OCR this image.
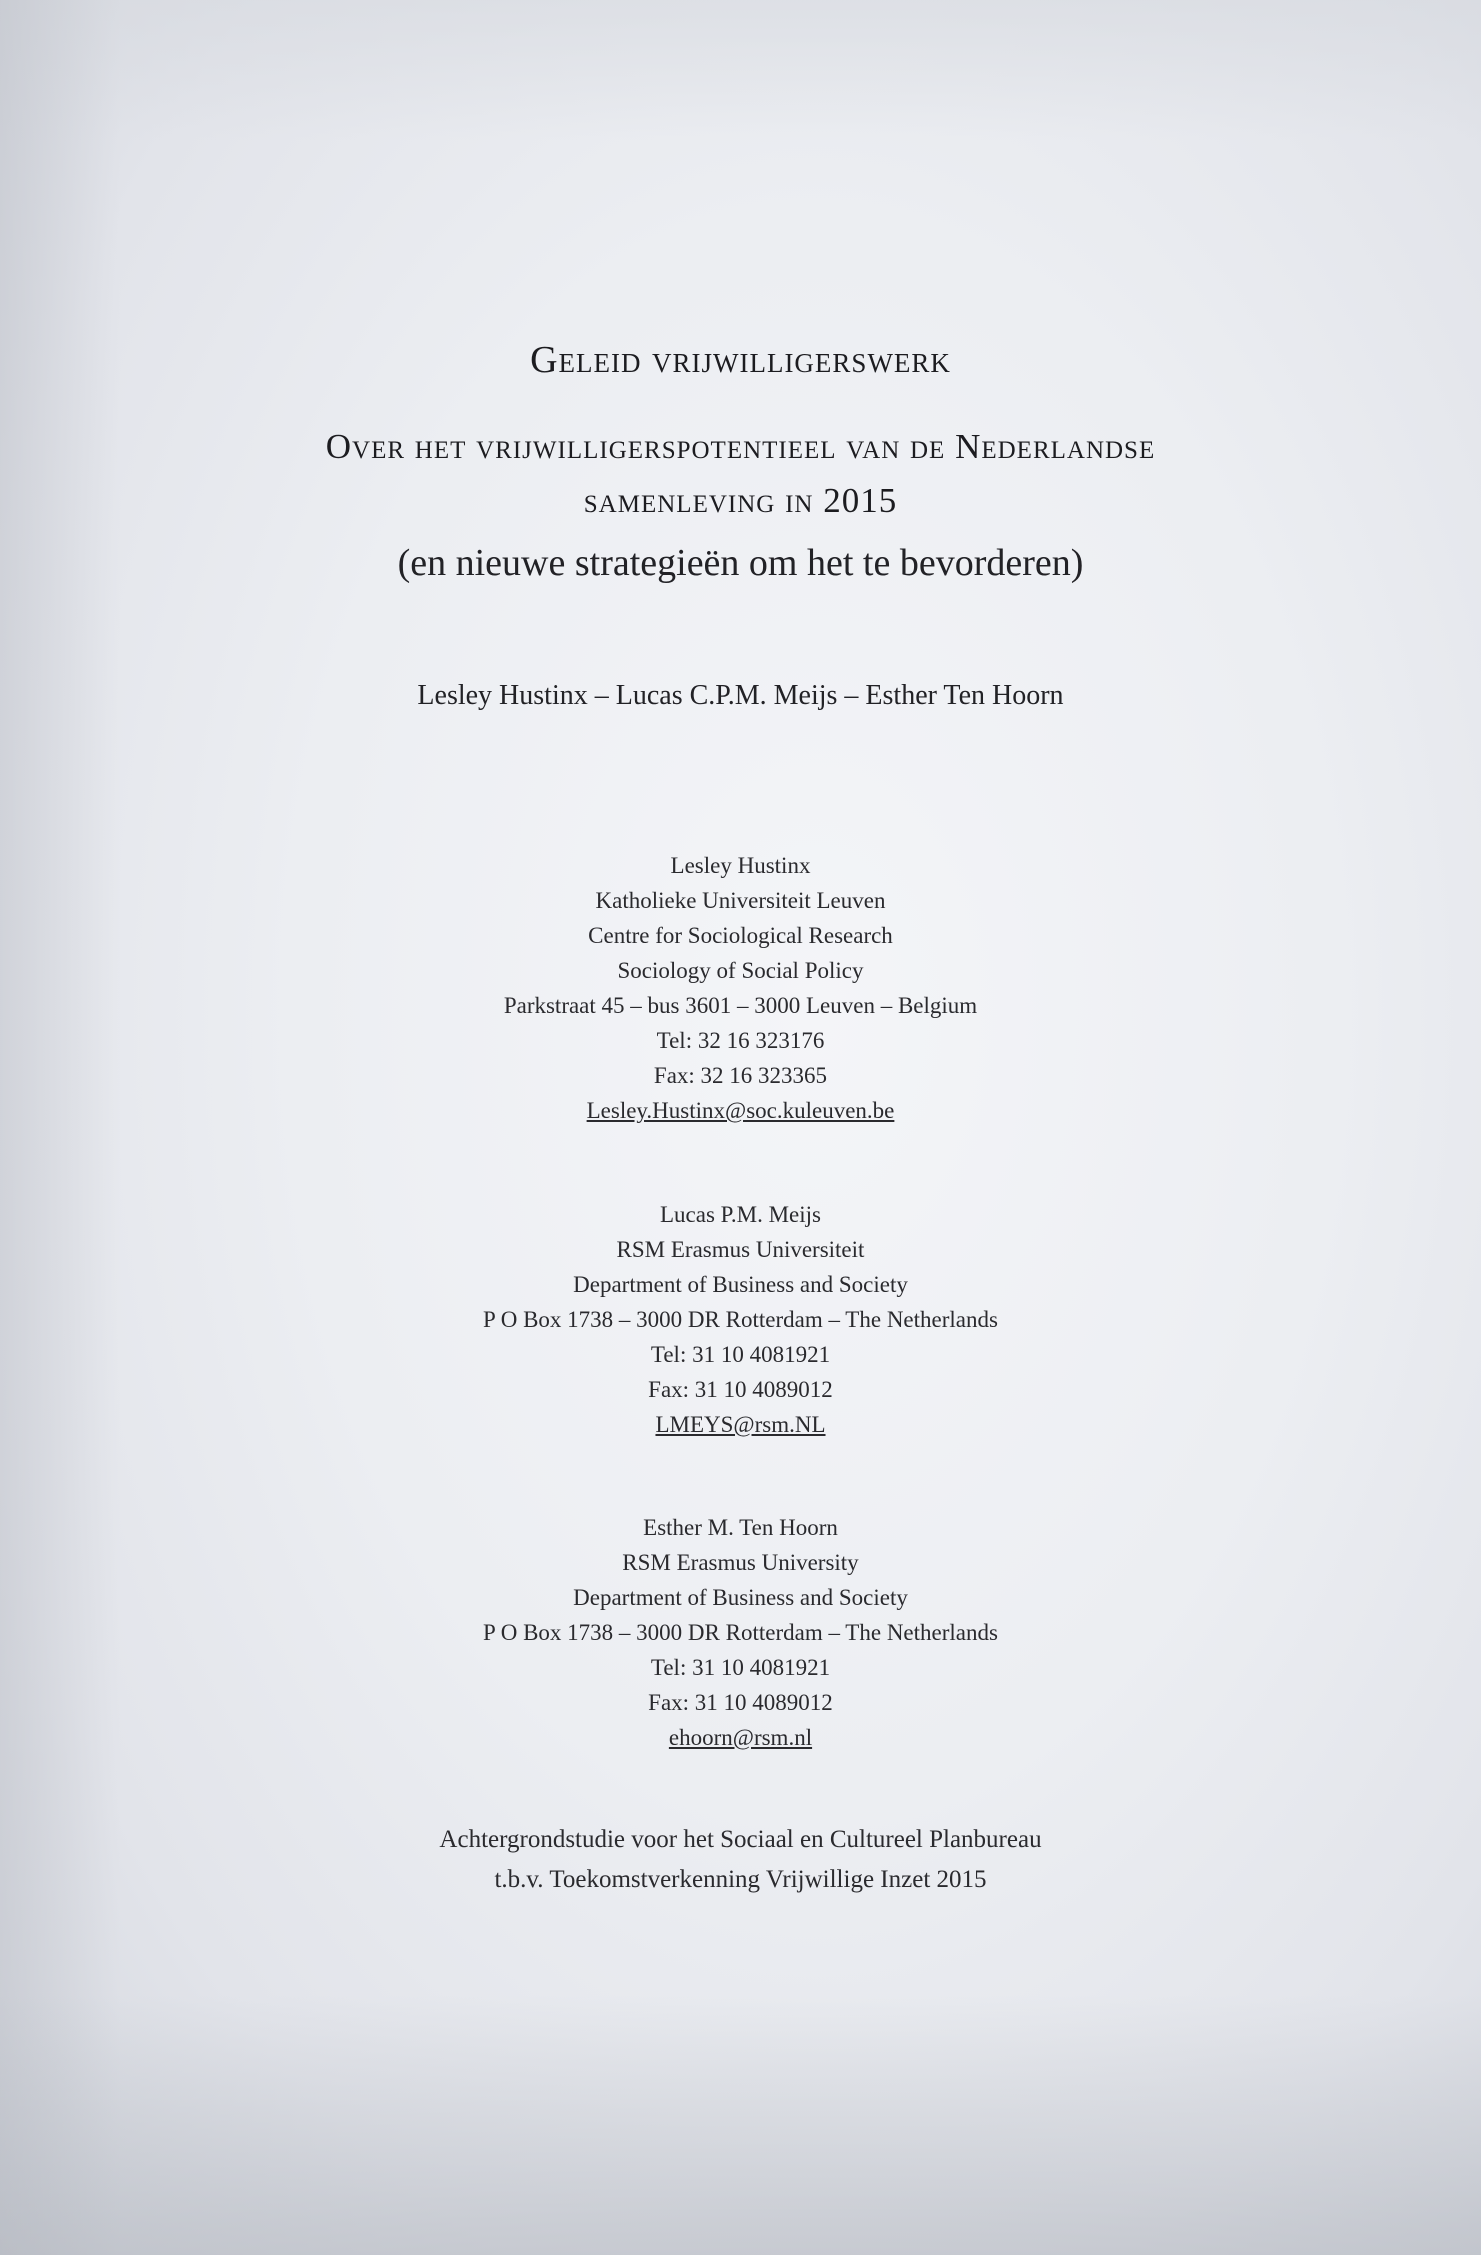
Geleid vrijwilligerswerk
Over het vrijwilligerspotentieel van de Nederlandse
samenleving in 2015
(en nieuwe strategieën om het te bevorderen)
Lesley Hustinx – Lucas C.P.M. Meijs – Esther Ten Hoorn
Lesley Hustinx
Katholieke Universiteit Leuven
Centre for Sociological Research
Sociology of Social Policy
Parkstraat 45 – bus 3601 – 3000 Leuven – Belgium
Tel: 32 16 323176
Fax: 32 16 323365
Lesley.Hustinx@soc.kuleuven.be
Lucas P.M. Meijs
RSM Erasmus Universiteit
Department of Business and Society
P O Box 1738 – 3000 DR Rotterdam – The Netherlands
Tel: 31 10 4081921
Fax: 31 10 4089012
LMEYS@rsm.NL
Esther M. Ten Hoorn
RSM Erasmus University
Department of Business and Society
P O Box 1738 – 3000 DR Rotterdam – The Netherlands
Tel: 31 10 4081921
Fax: 31 10 4089012
ehoorn@rsm.nl
Achtergrondstudie voor het Sociaal en Cultureel Planbureau
t.b.v. Toekomstverkenning Vrijwillige Inzet 2015
